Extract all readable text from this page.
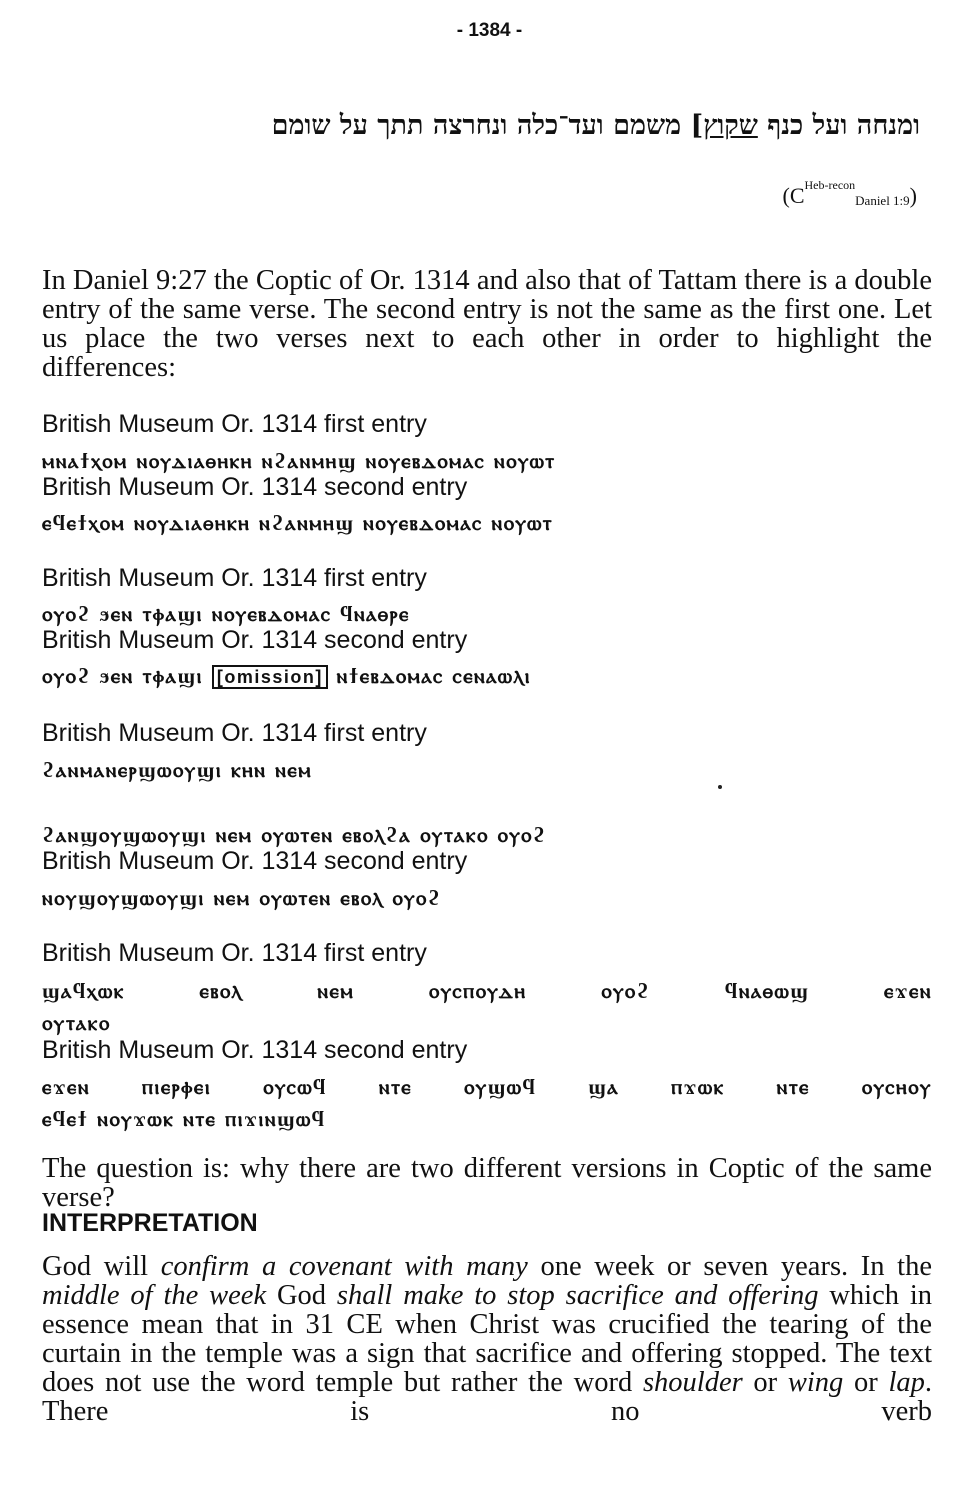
- 1384 -
ומנחה ועל כנף שקוץ] משמם ועד־כלה ונחרצה תתך על שומם
$(C^{Heb-recon}_{Daniel 1:9})$
In Daniel 9:27 the Coptic of Or. 1314 and also that of Tattam there is a double entry of the same verse. The second entry is not the same as the first one. Let us place the two verses next to each other in order to highlight the differences:
British Museum Or. 1314 first entry
ⲙⲛⲁϯⲭⲟⲙ ⲛⲟⲩⲇⲓⲁⲑⲏⲕⲏ ⲛϩⲁⲛⲙⲏϣ ⲛⲟⲩⲉⲃⲇⲟⲙⲁⲥ ⲛⲟⲩⲱⲧ
British Museum Or. 1314 second entry
ⲉϥⲉϯⲭⲟⲙ ⲛⲟⲩⲇⲓⲁⲑⲏⲕⲏ ⲛϩⲁⲛⲙⲏϣ ⲛⲟⲩⲉⲃⲇⲟⲙⲁⲥ ⲛⲟⲩⲱⲧ
British Museum Or. 1314 first entry
ⲟⲩⲟϩ ϧⲉⲛ ⲧⲫⲁϣⲓ ⲛⲟⲩⲉⲃⲇⲟⲙⲁⲥ ϥⲛⲁⲑⲣⲉ
British Museum Or. 1314 second entry
ⲟⲩⲟϩ ϧⲉⲛ ⲧⲫⲁϣⲓ [omission] ⲛϯⲉⲃⲇⲟⲙⲁⲥ ⲥⲉⲛⲁⲱⲗⲓ
British Museum Or. 1314 first entry
ϩⲁⲛⲙⲁⲛⲉⲣϣⲱⲟⲩϣⲓ ⲕⲏⲛ ⲛⲉⲙ
ϩⲁⲛϣⲟⲩϣⲱⲟⲩϣⲓ ⲛⲉⲙ ⲟⲩⲱⲧⲉⲛ ⲉⲃⲟⲗϩⲁ ⲟⲩⲧⲁⲕⲟ ⲟⲩⲟϩ
British Museum Or. 1314 second entry
ⲛⲟⲩϣⲟⲩϣⲱⲟⲩϣⲓ ⲛⲉⲙ ⲟⲩⲱⲧⲉⲛ ⲉⲃⲟⲗ ⲟⲩⲟϩ
British Museum Or. 1314 first entry
ϣⲁϥⲭⲱⲕ ⲉⲃⲟⲗ ⲛⲉⲙ ⲟⲩⲥⲡⲟⲩⲇⲏ ⲟⲩⲟϩ ϥⲛⲁⲑⲱϣ ⲉϫⲉⲛ
ⲟⲩⲧⲁⲕⲟ
British Museum Or. 1314 second entry
ⲉϫⲉⲛ ⲡⲓⲉⲣⲫⲉⲓ ⲟⲩⲥⲱϥ ⲛⲧⲉ ⲟⲩϣⲱϥ ϣⲁ ⲡϫⲱⲕ ⲛⲧⲉ ⲟⲩⲥⲏⲟⲩ
ⲉϥⲉϯ ⲛⲟⲩϫⲱⲕ ⲛⲧⲉ ⲡⲓϫⲓⲛϣⲱϥ
The question is: why there are two different versions in Coptic of the same verse?
INTERPRETATION
God will confirm a covenant with many one week or seven years. In the middle of the week God shall make to stop sacrifice and offering which in essence mean that in 31 CE when Christ was crucified the tearing of the curtain in the temple was a sign that sacrifice and offering stopped. The text does not use the word temple but rather the word shoulder or wing or lap. There is no verb
